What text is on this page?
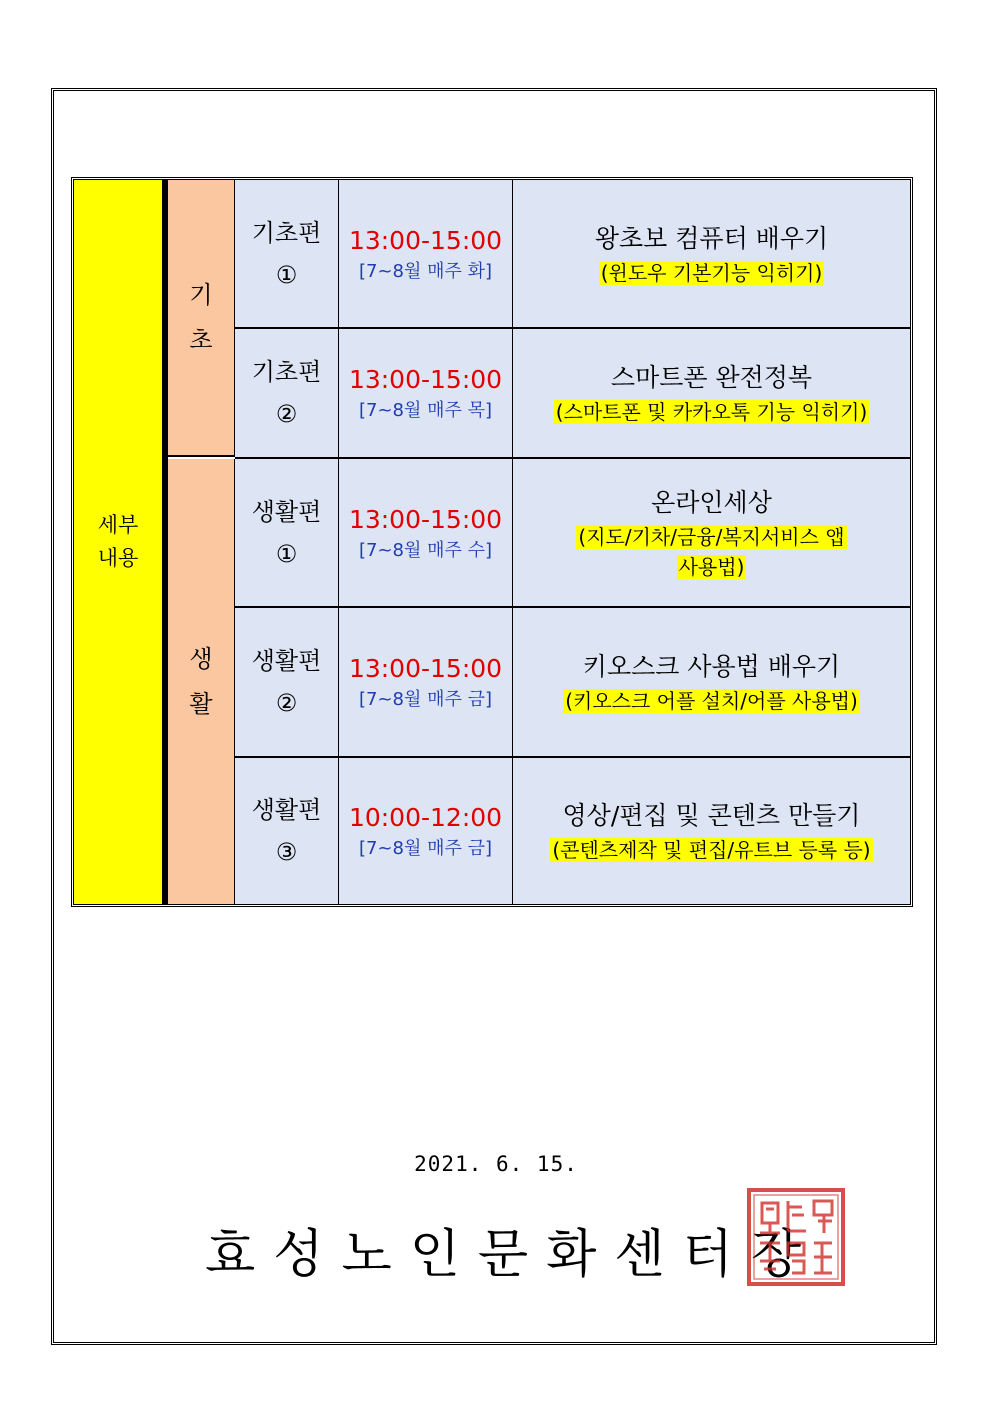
세부
내용
기
초
생
활
기초편
①
13:00-15:00
[7~8월 매주 화]
왕초보 컴퓨터 배우기
(윈도우 기본기능 익히기)
기초편
②
13:00-15:00
[7~8월 매주 목]
스마트폰 완전정복
(스마트폰 및 카카오톡 기능 익히기)
생활편
①
13:00-15:00
[7~8월 매주 수]
온라인세상
(지도/기차/금융/복지서비스 앱
사용법)
생활편
②
13:00-15:00
[7~8월 매주 금]
키오스크 사용법 배우기
(키오스크 어플 설치/어플 사용법)
생활편
③
10:00-12:00
[7~8월 매주 금]
영상/편집 및 콘텐츠 만들기
(콘텐츠제작 및 편집/유트브 등록 등)
2021. 6. 15.
효성노인문화센터장
